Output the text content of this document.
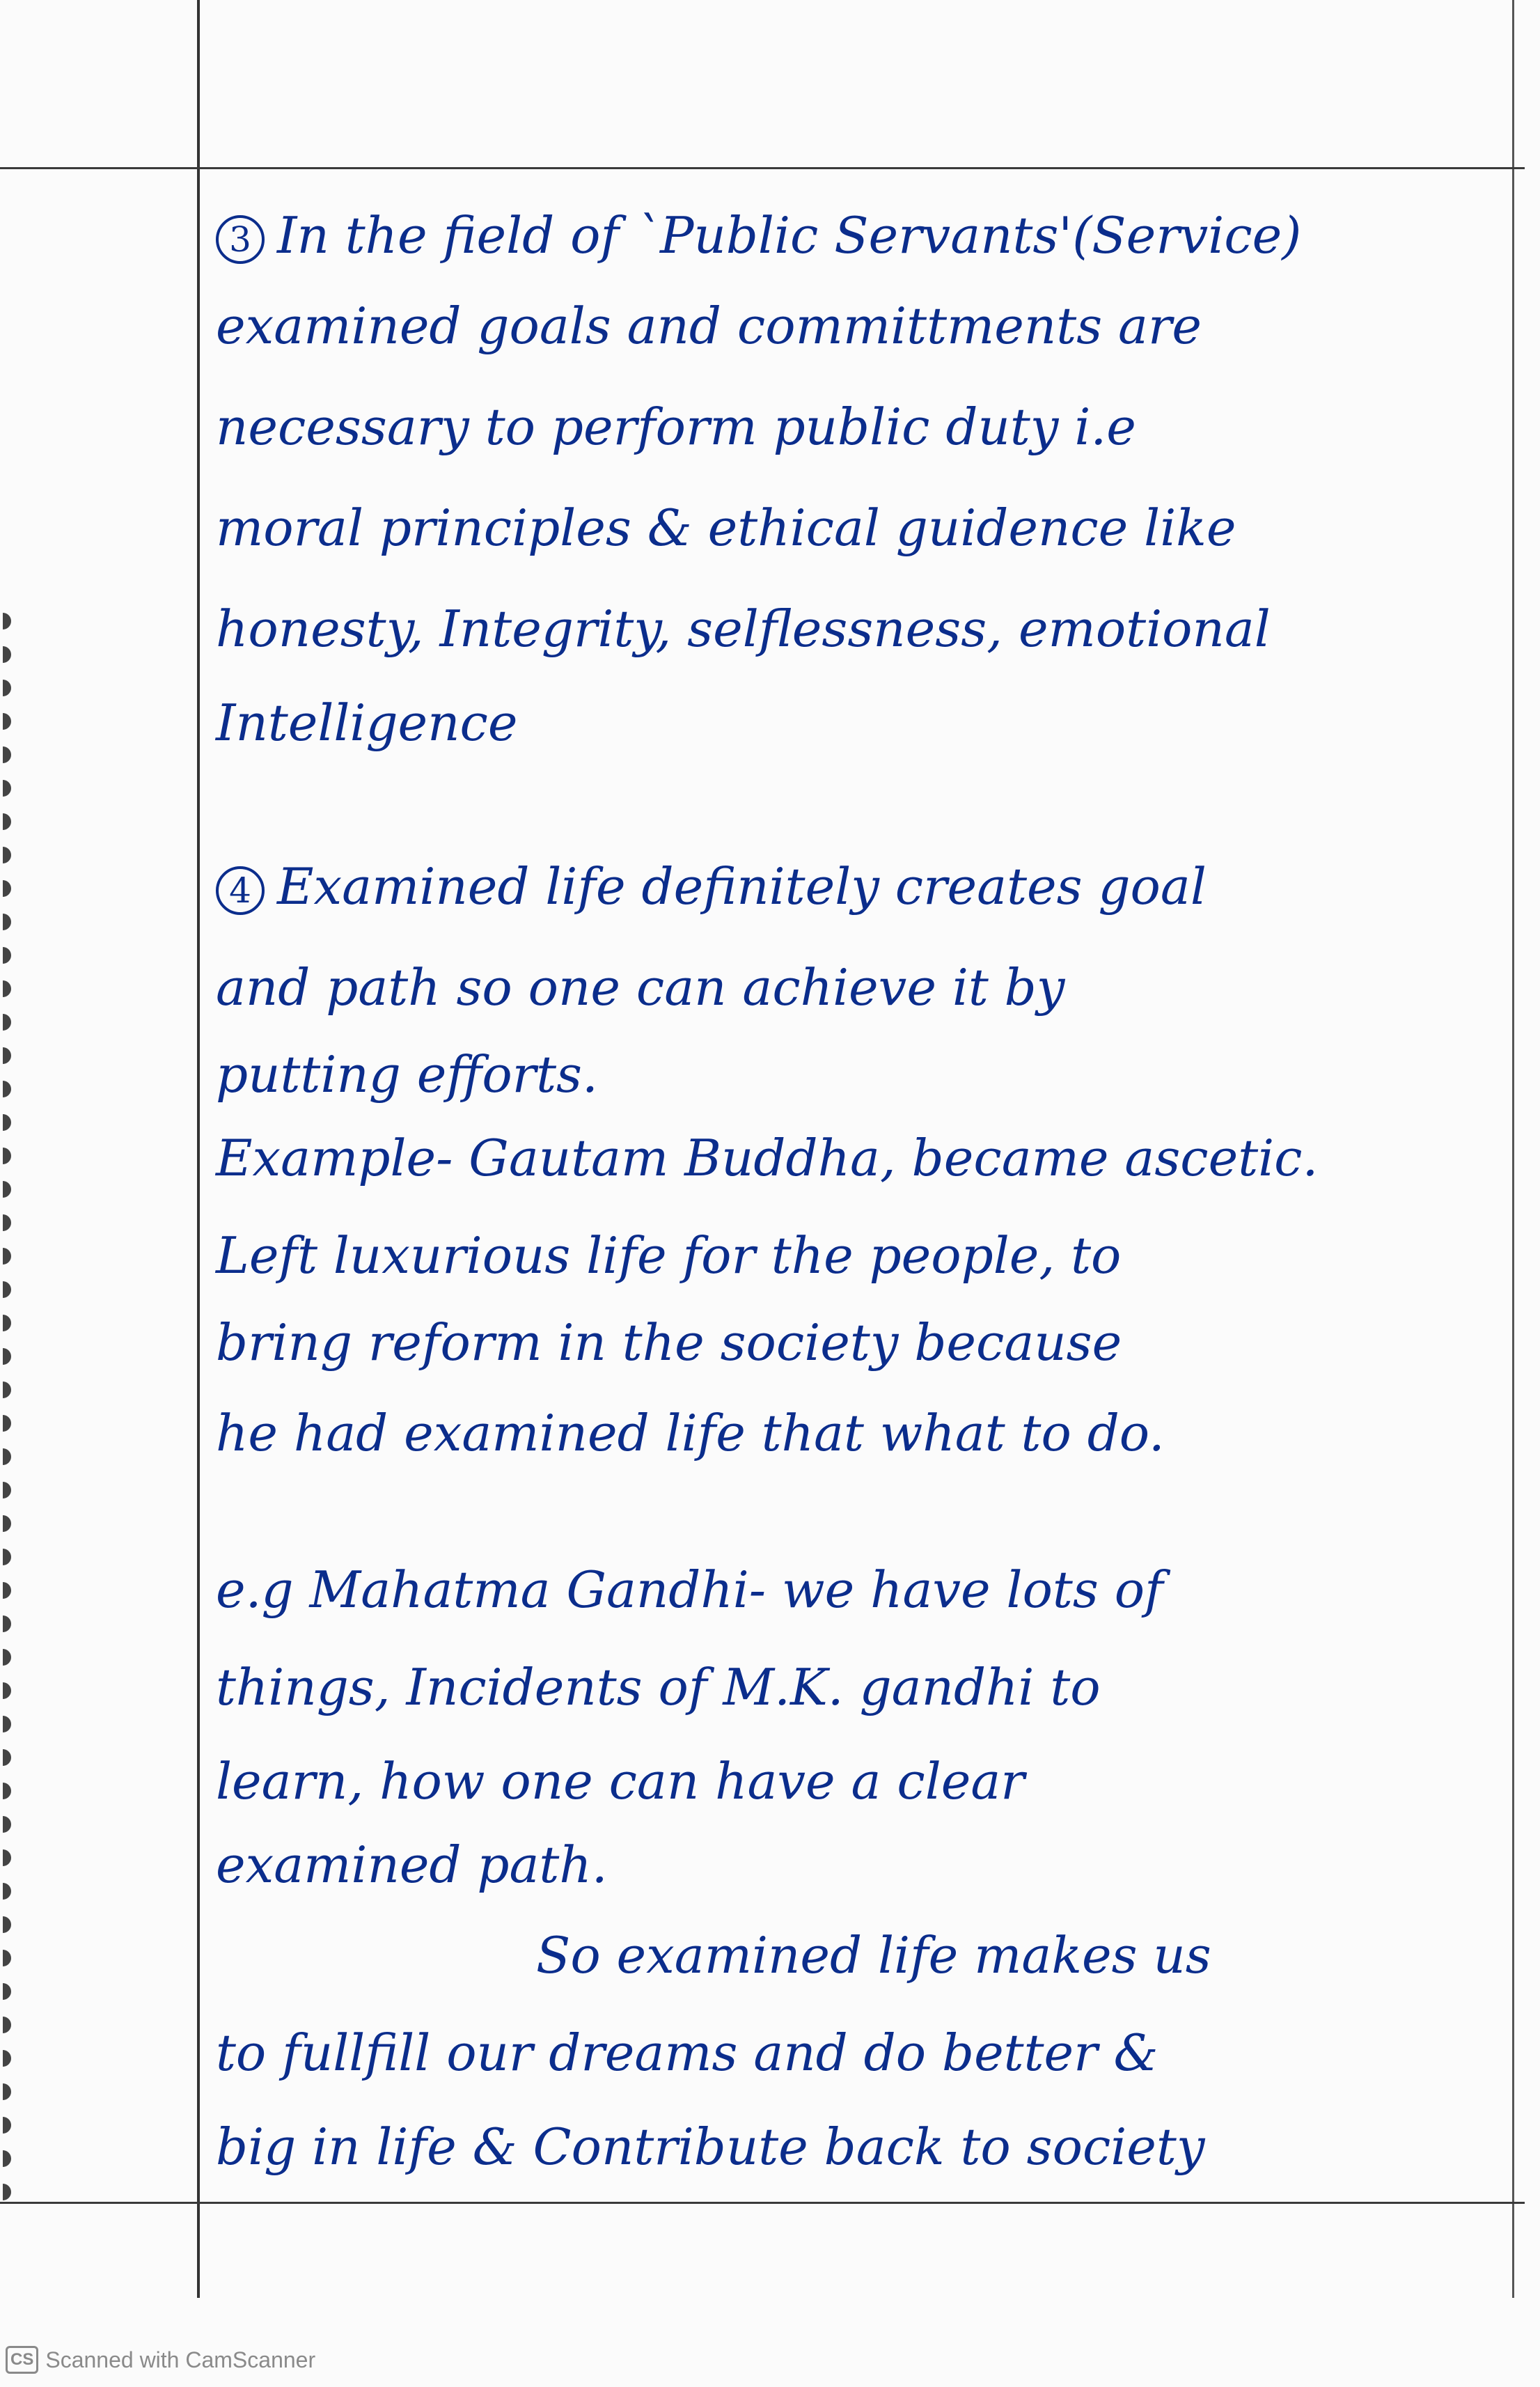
3 In the field of `Public Servants'(Service)
examined goals and committments are
necessary to perform public duty i.e
moral principles & ethical guidence like
honesty, Integrity, selflessness, emotional
Intelligence
4 Examined life definitely creates goal
and path so one can achieve it by
putting efforts.
Example- Gautam Buddha, became ascetic.
Left luxurious life for the people, to
bring reform in the society because
he had examined life that what to do.
e.g Mahatma Gandhi- we have lots of
things, Incidents of M.K. gandhi to
learn, how one can have a clear
examined path.
So examined life makes us
to fullfill our dreams and do better &
big in life & Contribute back to society
CS Scanned with CamScanner
